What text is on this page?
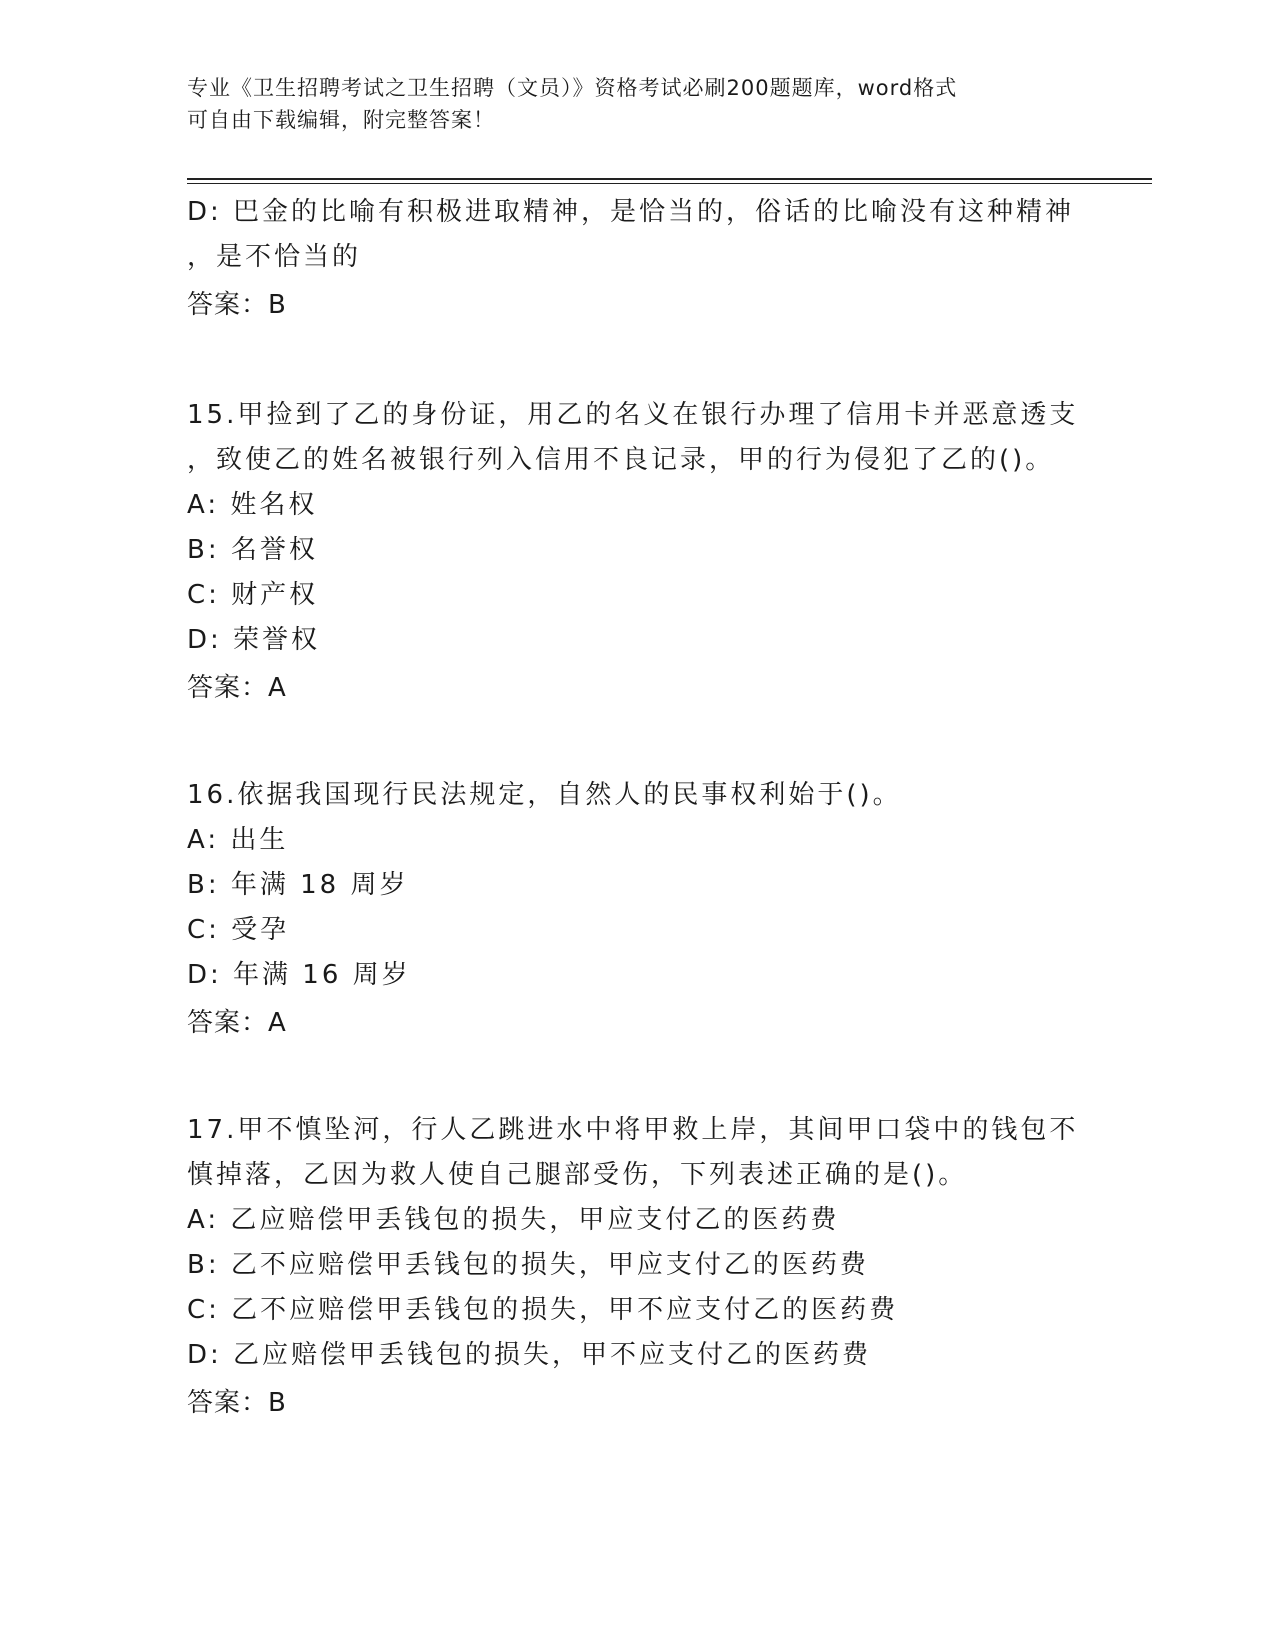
专业《卫生招聘考试之卫生招聘（文员）》资格考试必刷200题题库，word格式
可自由下载编辑，附完整答案！
D: 巴金的比喻有积极进取精神，是恰当的，俗话的比喻没有这种精神
，是不恰当的
答案：B
15.甲捡到了乙的身份证，用乙的名义在银行办理了信用卡并恶意透支
，致使乙的姓名被银行列入信用不良记录，甲的行为侵犯了乙的()。
A: 姓名权
B: 名誉权
C: 财产权
D: 荣誉权
答案：A
16.依据我国现行民法规定，自然人的民事权利始于()。
A: 出生
B: 年满 18 周岁
C: 受孕
D: 年满 16 周岁
答案：A
17.甲不慎坠河，行人乙跳进水中将甲救上岸，其间甲口袋中的钱包不
慎掉落，乙因为救人使自己腿部受伤，下列表述正确的是()。
A: 乙应赔偿甲丢钱包的损失，甲应支付乙的医药费
B: 乙不应赔偿甲丢钱包的损失，甲应支付乙的医药费
C: 乙不应赔偿甲丢钱包的损失，甲不应支付乙的医药费
D: 乙应赔偿甲丢钱包的损失，甲不应支付乙的医药费
答案：B
